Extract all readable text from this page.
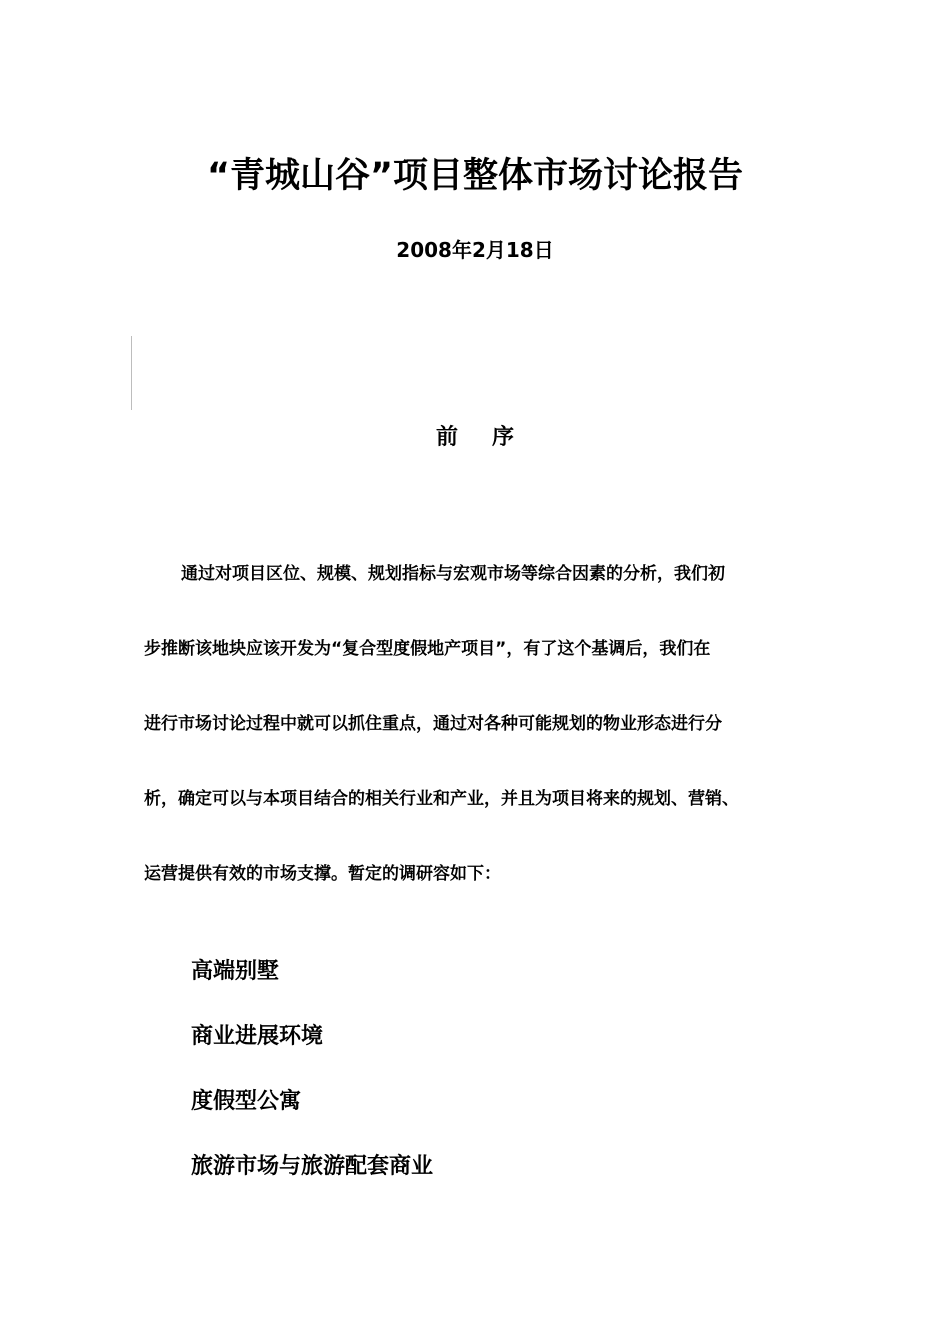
“青城山谷”项目整体市场讨论报告
2008年2月18日
前序
通过对项目区位、规模、规划指标与宏观市场等综合因素的分析，我们初
步推断该地块应该开发为“复合型度假地产项目”，有了这个基调后，我们在
进行市场讨论过程中就可以抓住重点，通过对各种可能规划的物业形态进行分
析，确定可以与本项目结合的相关行业和产业，并且为项目将来的规划、营销、
运营提供有效的市场支撑。暂定的调研容如下：
高端别墅
商业进展环境
度假型公寓
旅游市场与旅游配套商业
